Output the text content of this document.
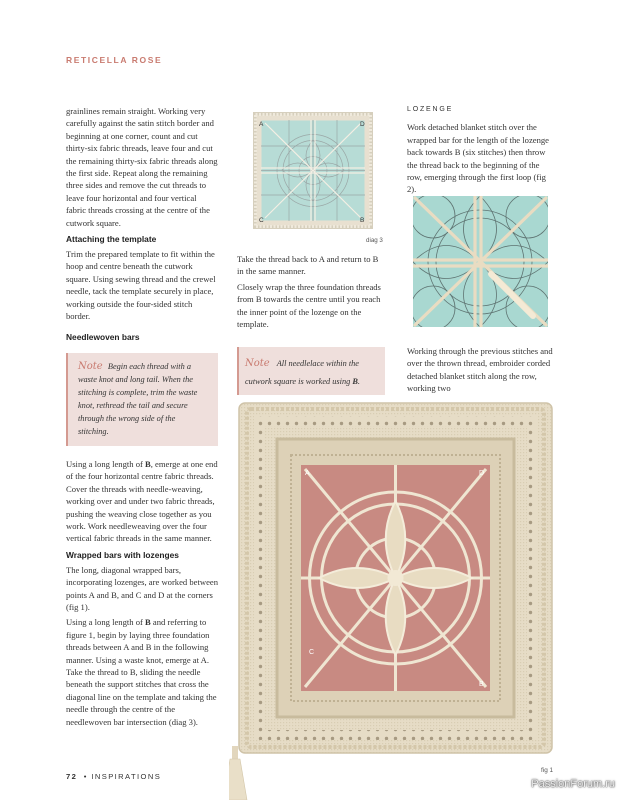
RETICELLA ROSE

grainlines remain straight. Working very carefully against the satin stitch border and beginning at one corner, count and cut thirty-six fabric threads, leave four and cut the remaining thirty-six fabric threads along the first side. Repeat along the remaining three sides and remove the cut threads to leave four horizontal and four vertical fabric threads crossing at the centre of the cutwork square.

Attaching the template

Trim the prepared template to fit within the hoop and centre beneath the cutwork square. Using sewing thread and the crewel needle, tack the template securely in place, working outside the four-sided stitch border.

Needlewoven bars
Note Begin each thread with a waste knot and long tail. When the stitching is complete, trim the waste knot, rethread the tail and secure through the wrong side of the stitching.

Using a long length of B, emerge at one end of the four horizontal centre fabric threads. Cover the threads with needle-weaving, working over and under two fabric threads, pushing the weaving close together as you work. Work needleweaving over the four vertical fabric threads in the same manner.

Wrapped bars with lozenges

The long, diagonal wrapped bars, incorporating lozenges, are worked between points A and B, and C and D at the corners (fig 1).

Using a long length of B and referring to figure 1, begin by laying three foundation threads between A and B in the following manner. Using a waste knot, emerge at A. Take the thread to B, sliding the needle beneath the support stitches that cross the diagonal line on the template and taking the needle through the centre of the needlewoven bar intersection (diag 3).

A	D
C	B
diag 3

Take the thread back to A and return to B in the same manner.

Closely wrap the three foundation threads from B towards the centre until you reach the inner point of the lozenge on the template.

Note All needlelace within the cutwork square is worked using B.
LOZENGE

Work detached blanket stitch over the wrapped bar for the length of the lozenge back towards B (six stitches) then throw the thread back to the beginning of the row, emerging through the first loop (fig 2).

Working through the previous stitches and over the thrown thread, embroider corded detached blanket stitch along the row, working two

A	D
C
B
fig 1
72 • INSPIRATIONS
PassionForum.ru
